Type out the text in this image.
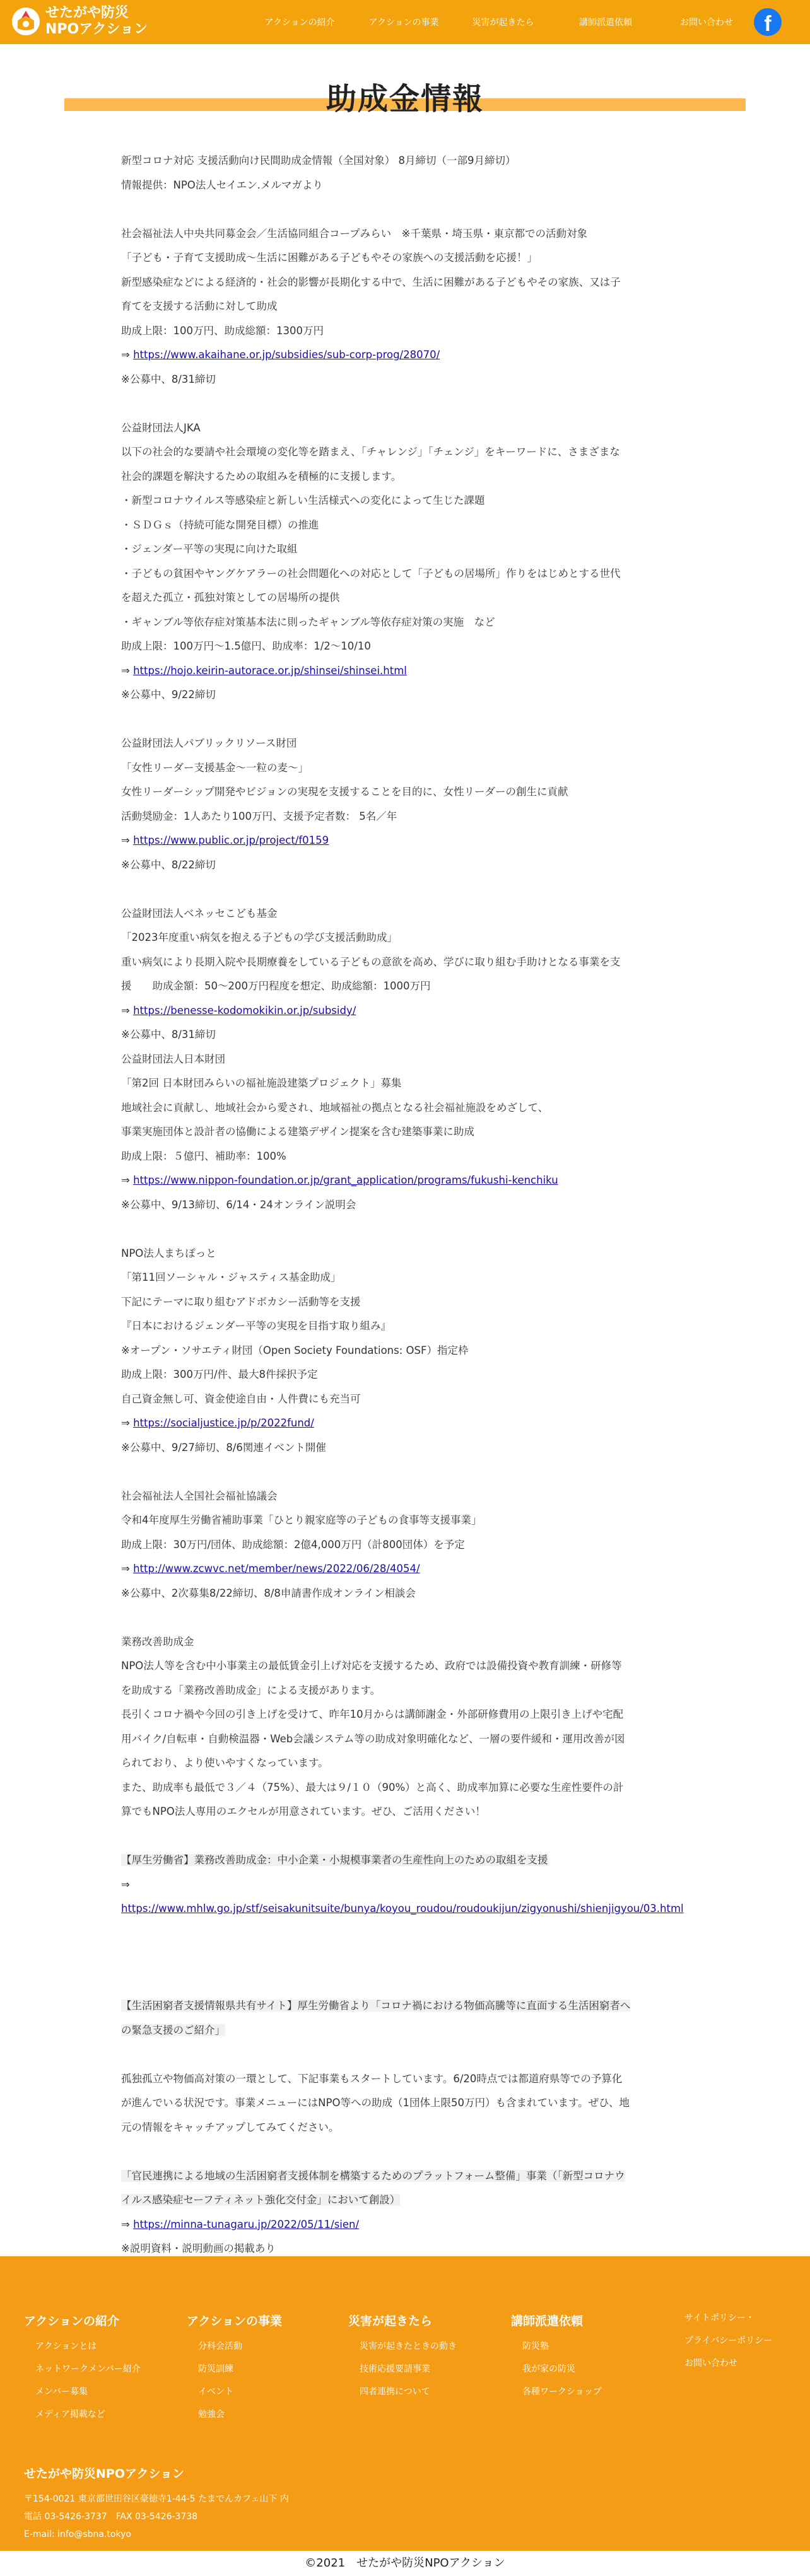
せたがや防災
NPOアクション	アクションの紹介	アクションの事業	災害が起きたら	講師派遣依頼	お問い合わせ	f
助成金情報

新型コロナ対応 支援活動向け民間助成金情報（全国対象） 8月締切（一部9月締切）

情報提供：NPO法人セイエン.メルマガより

社会福祉法人中央共同募金会／生活協同組合コープみらい　※千葉県・埼玉県・東京都での活動対象

「子ども・子育て支援助成～生活に困難がある子どもやその家族への支援活動を応援！」

新型感染症などによる経済的・社会的影響が長期化する中で、生活に困難がある子どもやその家族、又は子

育てを支援する活動に対して助成

助成上限：100万円、助成総額：1300万円

⇒ https://www.akaihane.or.jp/subsidies/sub-corp-prog/28070/

※公募中、8/31締切

公益財団法人JKA

以下の社会的な要請や社会環境の変化等を踏まえ、「チャレンジ」「チェンジ」をキーワードに、さまざまな

社会的課題を解決するための取組みを積極的に支援します。

・新型コロナウイルス等感染症と新しい生活様式への変化によって生じた課題

・ＳＤＧｓ（持続可能な開発目標）の推進

・ジェンダー平等の実現に向けた取組

・子どもの貧困やヤングケアラーの社会問題化への対応として「子どもの居場所」作りをはじめとする世代

を超えた孤立・孤独対策としての居場所の提供

・ギャンブル等依存症対策基本法に則ったギャンブル等依存症対策の実施　など

助成上限：100万円～1.5億円、助成率：1/2～10/10

⇒ https://hojo.keirin-autorace.or.jp/shinsei/shinsei.html

※公募中、9/22締切

公益財団法人パブリックリソース財団

「女性リーダー支援基金～一粒の麦～」

女性リーダーシップ開発やビジョンの実現を支援することを目的に、女性リーダーの創生に貢献

活動奨励金：1人あたり100万円、支援予定者数： 5名／年

⇒ https://www.public.or.jp/project/f0159

※公募中、8/22締切

公益財団法人ベネッセこども基金

「2023年度重い病気を抱える子どもの学び支援活動助成」

重い病気により長期入院や長期療養をしている子どもの意欲を高め、学びに取り組む手助けとなる事業を支

援　　助成金額：50～200万円程度を想定、助成総額：1000万円

⇒ https://benesse-kodomokikin.or.jp/subsidy/

※公募中、8/31締切

公益財団法人日本財団

「第2回 日本財団みらいの福祉施設建築プロジェクト」募集

地域社会に貢献し、地域社会から愛され、地域福祉の拠点となる社会福祉施設をめざして、

事業実施団体と設計者の協働による建築デザイン提案を含む建築事業に助成

助成上限：５億円、補助率：100%

⇒ https://www.nippon-foundation.or.jp/grant_application/programs/fukushi-kenchiku

※公募中、9/13締切、6/14・24オンライン説明会

NPO法人まちぽっと

「第11回ソーシャル・ジャスティス基金助成」

下記にテーマに取り組むアドボカシー活動等を支援

『日本におけるジェンダー平等の実現を目指す取り組み』

※オープン・ソサエティ財団（Open Society Foundations: OSF）指定枠

助成上限：300万円/件、最大8件採択予定

自己資金無し可、資金使途自由・人件費にも充当可

⇒ https://socialjustice.jp/p/2022fund/

※公募中、9/27締切、8/6関連イベント開催

社会福祉法人全国社会福祉協議会

令和4年度厚生労働省補助事業「ひとり親家庭等の子どもの食事等支援事業」

助成上限：30万円/団体、助成総額：2億4,000万円（計800団体）を予定

⇒ http://www.zcwvc.net/member/news/2022/06/28/4054/

※公募中、2次募集8/22締切、8/8申請書作成オンライン相談会

業務改善助成金

NPO法人等を含む中小事業主の最低賃金引上げ対応を支援するため、政府では設備投資や教育訓練・研修等

を助成する「業務改善助成金」による支援があります。

長引くコロナ禍や今回の引き上げを受けて、昨年10月からは講師謝金・外部研修費用の上限引き上げや宅配

用バイク/自転車・自動検温器・Web会議システム等の助成対象明確化など、一層の要件緩和・運用改善が図

られており、より使いやすくなっています。

また、助成率も最低で３／４（75%）、最大は９/１０（90%）と高く、助成率加算に必要な生産性要件の計

算でもNPO法人専用のエクセルが用意されています。ぜひ、ご活用ください！

【厚生労働省】業務改善助成金：中小企業・小規模事業者の生産性向上のための取組を支援

⇒

https://www.mhlw.go.jp/stf/seisakunitsuite/bunya/koyou_roudou/roudoukijun/zigyonushi/shienjigyou/03.html

【生活困窮者支援情報県共有サイト】厚生労働省より「コロナ禍における物価高騰等に直面する生活困窮者へ

の緊急支援のご紹介」

孤独孤立や物価高対策の一環として、下記事業もスタートしています。6/20時点では都道府県等での予算化

が進んでいる状況です。事業メニューにはNPO等への助成（1団体上限50万円）も含まれています。ぜひ、地

元の情報をキャッチアップしてみてください。

「官民連携による地域の生活困窮者支援体制を構築するためのプラットフォーム整備」事業（「新型コロナウ

イルス感染症セーフティネット強化交付金」において創設）

⇒ https://minna-tunagaru.jp/2022/05/11/sien/

※説明資料・説明動画の掲載あり

アクションの紹介
アクションとは
ネットワークメンバー紹介
メンバー募集
メディア掲載など
アクションの事業
分科会活動
防災訓練
イベント
勉強会
災害が起きたら
災害が起きたときの動き
技術応援要請事業
四者連携について
講師派遣依頼
防災塾
我が家の防災
各種ワークショップ
サイトポリシー・
プライバシーポリシー
お問い合わせ
せたがや防災NPOアクション
〒154-0021 東京都世田谷区豪徳寺1-44-5 たまでんカフェ山下 内
電話 03-5426-3737　FAX 03-5426-3738
E-mail: info@sbna.tokyo
©2021　せたがや防災NPOアクション
